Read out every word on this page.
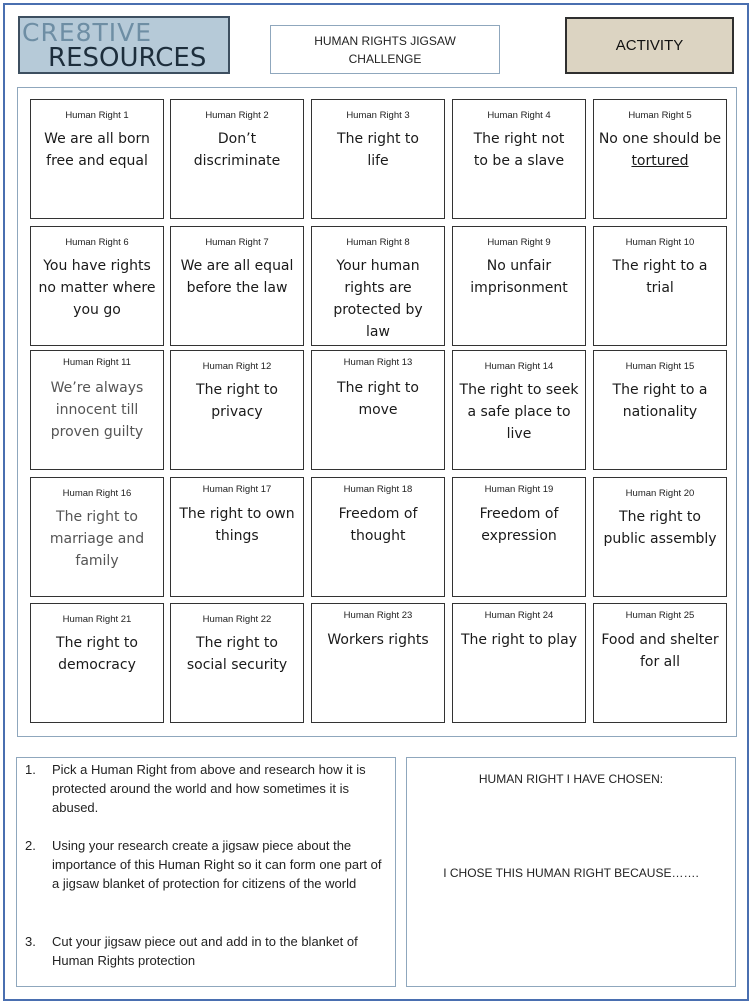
CRE8TIVE
RESOURCES
HUMAN RIGHTS JIGSAW
CHALLENGE
ACTIVITY
Human Right 1
We are all born
free and equal
Human Right 2
Don’t
discriminate
Human Right 3
The right to
life
Human Right 4
The right not
to be a slave
Human Right 5
No one should be
tortured
Human Right 6
You have rights
no matter where
you go
Human Right 7
We are all equal
before the law
Human Right 8
Your human
rights are
protected by
law
Human Right 9
No unfair
imprisonment
Human Right 10
The right to a
trial
Human Right 11
We’re always
innocent till
proven guilty
Human Right 12
The right to
privacy
Human Right 13
The right to
move
Human Right 14
The right to seek
a safe place to
live
Human Right 15
The right to a
nationality
Human Right 16
The right to
marriage and
family
Human Right 17
The right to own
things
Human Right 18
Freedom of
thought
Human Right 19
Freedom of
expression
Human Right 20
The right to
public assembly
Human Right 21
The right to
democracy
Human Right 22
The right to
social security
Human Right 23
Workers rights
Human Right 24
The right to play
Human Right 25
Food and shelter
for all
1. Pick a Human Right from above and research how it is protected around the world and how sometimes it is abused.
2. Using your research create a jigsaw piece about the importance of this Human Right so it can form one part of a jigsaw blanket of protection for citizens of the world
3. Cut your jigsaw piece out and add in to the blanket of Human Rights protection
HUMAN RIGHT I HAVE CHOSEN:
I CHOSE THIS HUMAN RIGHT BECAUSE…….
